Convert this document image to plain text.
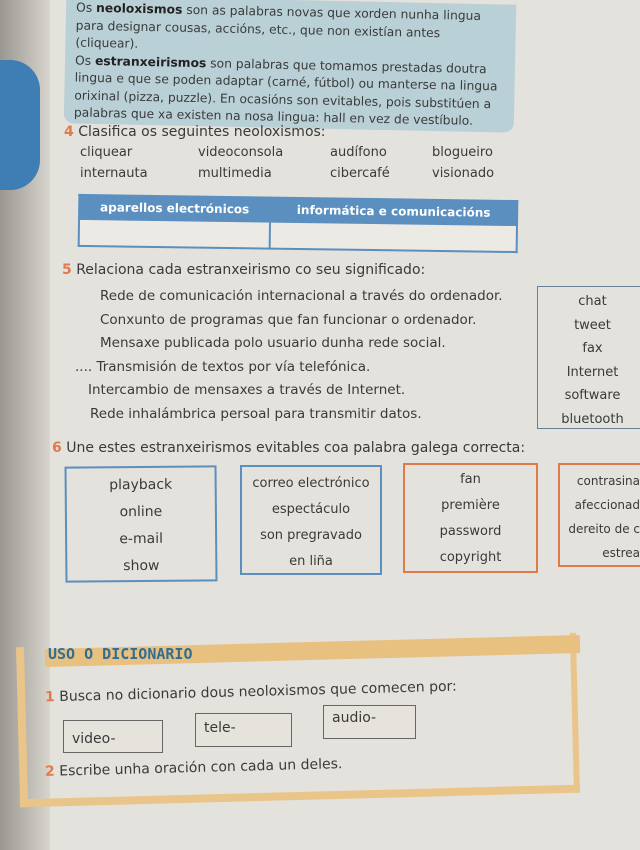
Os neoloxismos son as palabras novas que xorden nunha lingua para designar cousas, accións, etc., que non existían antes (cliquear).

Os estranxeirismos son palabras que tomamos prestadas doutra lingua e que se poden adaptar (carné, fútbol) ou manterse na lingua orixinal (pizza, puzzle). En ocasións son evitables, pois substitúen a palabras que xa existen na nosa lingua: hall en vez de vestíbulo.

4 Clasifica os seguintes neoloxismos:
cliquear	videoconsola	audífono	blogueiro
internauta	multimedia	cibercafé	visionado
aparellos electrónicos	informática e comunicacións

5 Relaciona cada estranxeirismo co seu significado:
Rede de comunicación internacional a través do ordenador.
Conxunto de programas que fan funcionar o ordenador.
Mensaxe publicada polo usuario dunha rede social.
.... Transmisión de textos por vía telefónica.
Intercambio de mensaxes a través de Internet.
Rede inhalámbrica persoal para transmitir datos.
chat
tweet
fax
Internet
software
bluetooth
6 Une estes estranxeirismos evitables coa palabra galega correcta:
playback
online
e-mail
show
correo electrónico
espectáculo
son pregravado
en liña
fan
première
password
copyright
contrasina
afeccionad
dereito de c
estrea
USO O DICIONARIO
1 Busca no dicionario dous neoloxismos que comecen por:
video-
tele-
audio-
2 Escribe unha oración con cada un deles.
